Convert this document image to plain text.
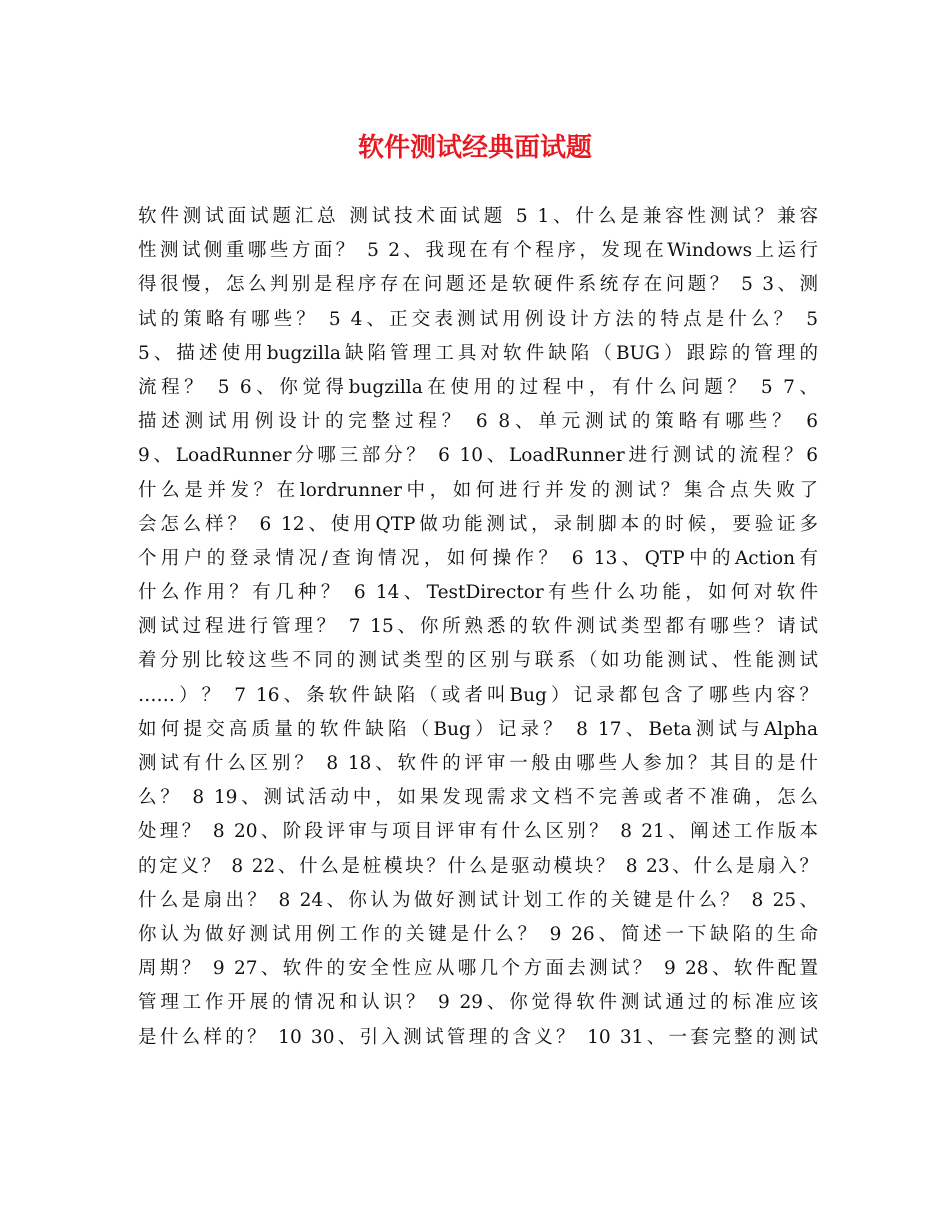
软件测试经典面试题
软件测试面试题汇总 测试技术面试题 5 1、什么是兼容性测试？兼容
性测试侧重哪些方面？ 5 2、我现在有个程序，发现在Windows上运行
得很慢，怎么判别是程序存在问题还是软硬件系统存在问题？ 5 3、测
试的策略有哪些？ 5 4、正交表测试用例设计方法的特点是什么？ 5
5、描述使用bugzilla缺陷管理工具对软件缺陷（BUG）跟踪的管理的
流程？ 5 6、你觉得bugzilla在使用的过程中，有什么问题？ 5 7、
描述测试用例设计的完整过程？ 6 8、单元测试的策略有哪些？ 6
9、LoadRunner分哪三部分？ 6 10、LoadRunner进行测试的流程？6
什么是并发？在lordrunner中，如何进行并发的测试？集合点失败了
会怎么样？ 6 12、使用QTP做功能测试，录制脚本的时候，要验证多
个用户的登录情况/查询情况，如何操作？ 6 13、QTP中的Action有
什么作用？有几种？ 6 14、TestDirector有些什么功能，如何对软件
测试过程进行管理？ 7 15、你所熟悉的软件测试类型都有哪些？请试
着分别比较这些不同的测试类型的区别与联系（如功能测试、性能测试
……）？ 7 16、条软件缺陷（或者叫Bug）记录都包含了哪些内容？
如何提交高质量的软件缺陷（Bug）记录？ 8 17、Beta测试与Alpha
测试有什么区别？ 8 18、软件的评审一般由哪些人参加？其目的是什
么？ 8 19、测试活动中，如果发现需求文档不完善或者不准确，怎么
处理？ 8 20、阶段评审与项目评审有什么区别？ 8 21、阐述工作版本
的定义？ 8 22、什么是桩模块？什么是驱动模块？ 8 23、什么是扇入？
什么是扇出？ 8 24、你认为做好测试计划工作的关键是什么？ 8 25、
你认为做好测试用例工作的关键是什么？ 9 26、简述一下缺陷的生命
周期？ 9 27、软件的安全性应从哪几个方面去测试？ 9 28、软件配置
管理工作开展的情况和认识？ 9 29、你觉得软件测试通过的标准应该
是什么样的？ 10 30、引入测试管理的含义？ 10 31、一套完整的测试
